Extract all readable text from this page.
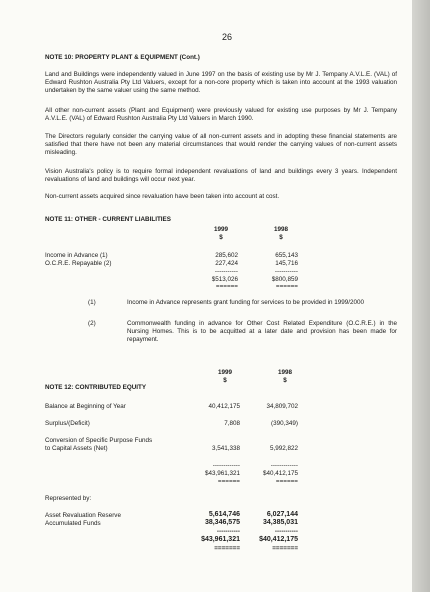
26
NOTE 10: PROPERTY PLANT & EQUIPMENT (Cont.)
Land and Buildings were independently valued in June 1997 on the basis of existing use by Mr J. Tempany A.V.L.E. (VAL) of Edward Rushton Australia Pty Ltd Valuers, except for a non-core property which is taken into account at the 1993 valuation undertaken by the same valuer using the same method.
All other non-current assets (Plant and Equipment) were previously valued for existing use purposes by Mr J. Tempany A.V.L.E. (VAL) of Edward Rushton Australia Pty Ltd Valuers in March 1990.
The Directors regularly consider the carrying value of all non-current assets and in adopting these financial statements are satisfied that there have not been any material circumstances that would render the carrying values of non-current assets misleading.
Vision Australia's policy is to require formal independent revaluations of land and buildings every 3 years. Independent revaluations of land and buildings will occur next year.
Non-current assets acquired since revaluation have been taken into account at cost.
NOTE 11: OTHER - CURRENT LIABILITIES
1999	1998
$	$
Income in Advance (1)	285,602	655,143
O.C.R.E. Repayable (2)	227,424	145,716
-----------	-----------
$513,026	$800,859
======	======
(1)	Income in Advance represents grant funding for services to be provided in 1999/2000
(2)	Commonwealth funding in advance for Other Cost Related Expenditure (O.C.R.E.) in the Nursing Homes. This is to be acquitted at a later date and provision has been made for repayment.
1999	1998
$	$
NOTE 12: CONTRIBUTED EQUITY
Balance at Beginning of Year	40,412,175	34,809,702
Surplus/(Deficit)	7,808	(390,349)
Conversion of Specific Purpose Funds
to Capital Assets (Net)	3,541,338	5,992,822
-------------	-------------
$43,961,321	$40,412,175
======	======
Represented by:
Asset Revaluation Reserve	5,614,746	6,027,144
Accumulated Funds	38,346,575	34,385,031
-----------	-----------
$43,961,321	$40,412,175
=======	=======
